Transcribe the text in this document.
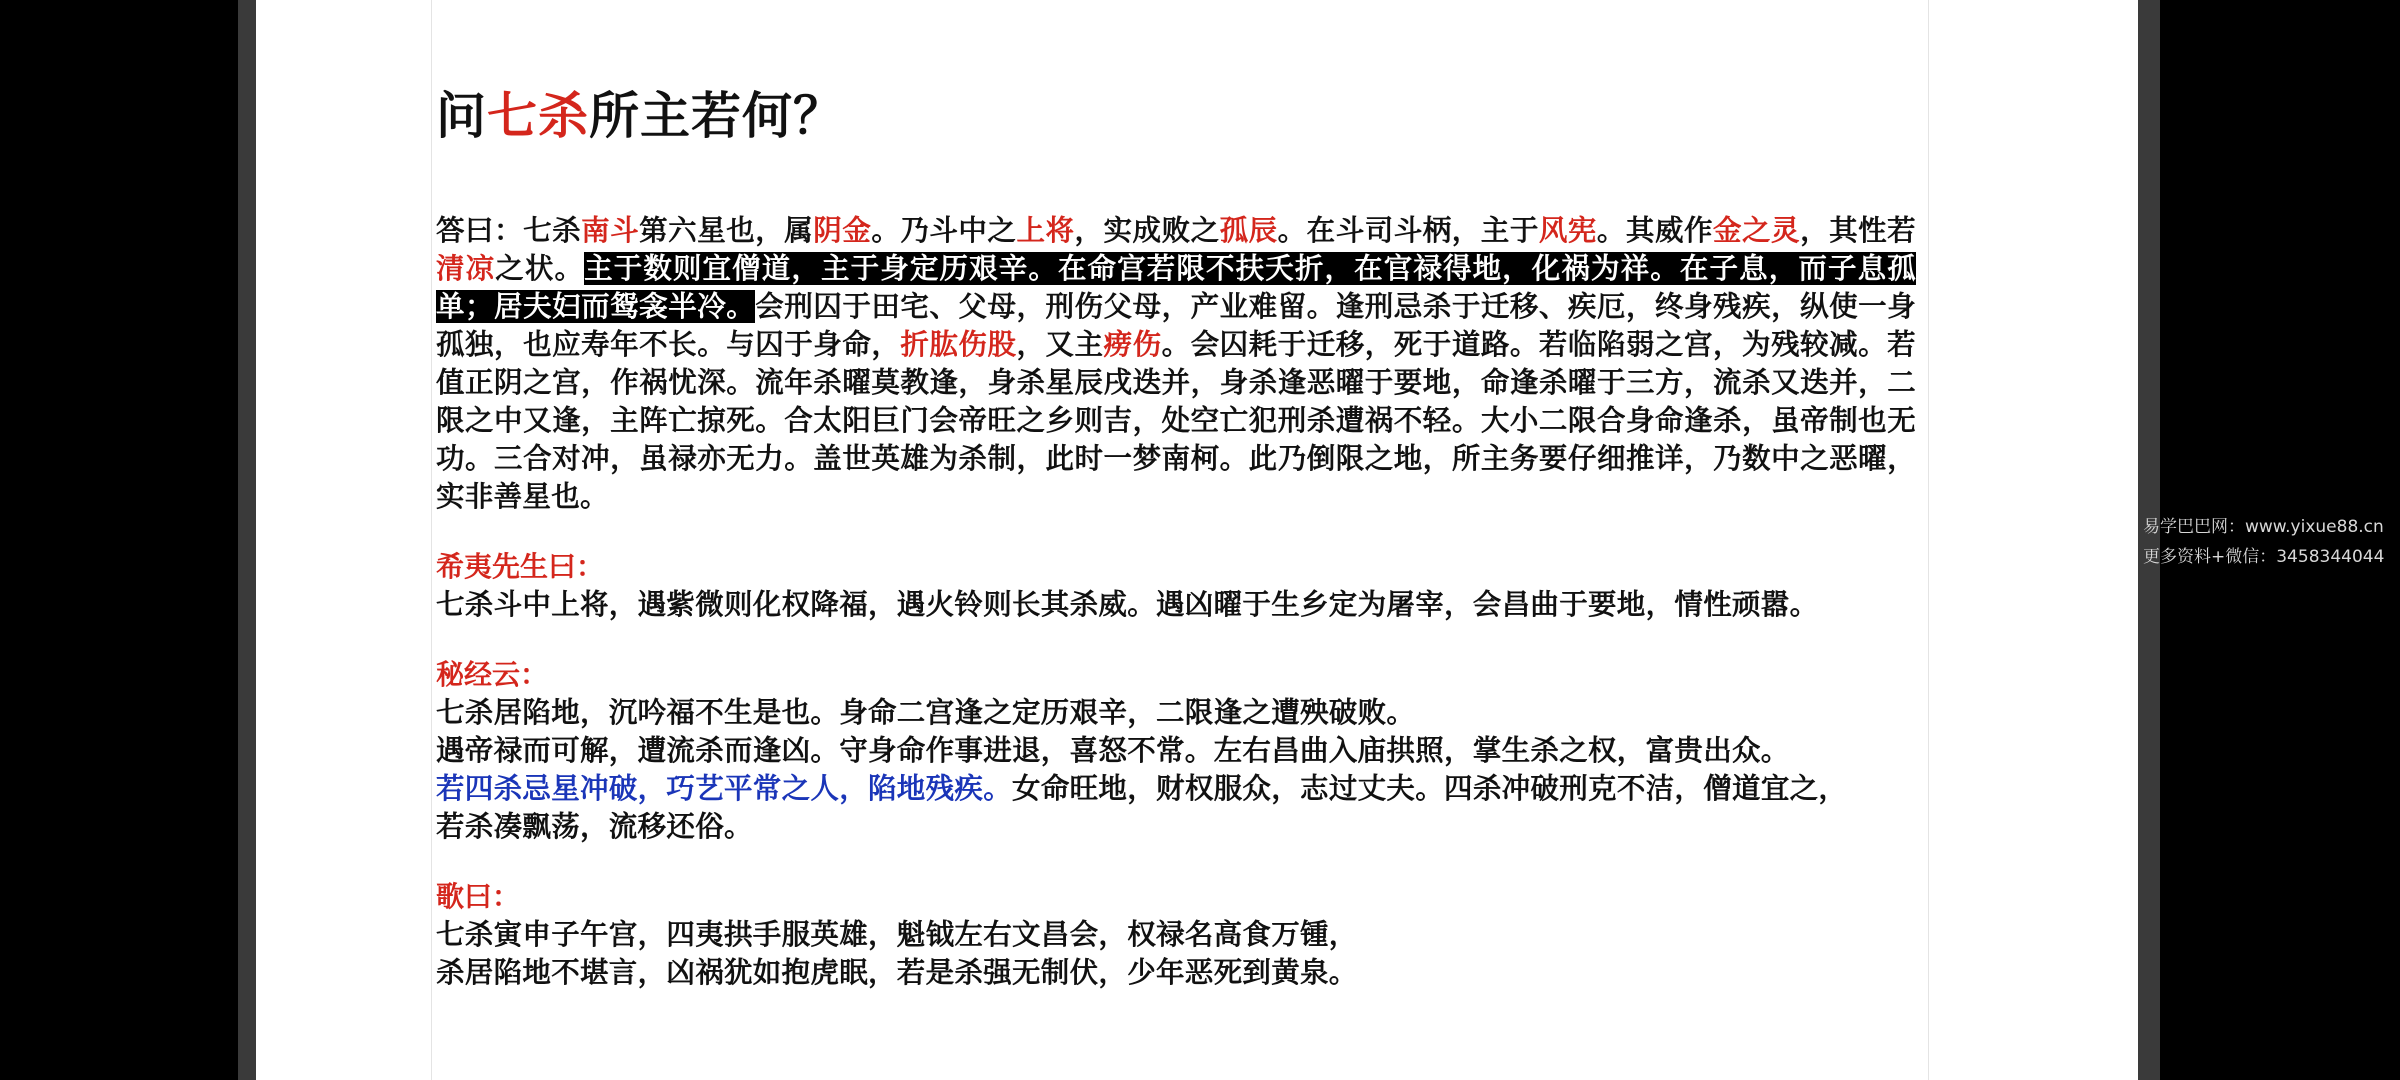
问七杀所主若何？
答曰：七杀南斗第六星也，属阴金。乃斗中之上将，实成败之孤辰。在斗司斗柄，主于风宪。其威作金之灵，其性若清凉之状。主于数则宜僧道，主于身定历艰辛。在命宫若限不扶夭折，在官禄得地，化祸为祥。在子息，而子息孤单；居夫妇而鸳衾半冷。会刑囚于田宅、父母，刑伤父母，产业难留。逢刑忌杀于迁移、疾厄，终身残疾，纵使一身孤独，也应寿年不长。与囚于身命，折肱伤股，又主痨伤。会囚耗于迁移，死于道路。若临陷弱之宫，为残较减。若值正阴之宫，作祸忧深。流年杀曜莫教逢，身杀星辰戌迭并，身杀逢恶曜于要地，命逢杀曜于三方，流杀又迭并，二限之中又逢，主阵亡掠死。合太阳巨门会帝旺之乡则吉，处空亡犯刑杀遭祸不轻。大小二限合身命逢杀，虽帝制也无功。三合对冲，虽禄亦无力。盖世英雄为杀制，此时一梦南柯。此乃倒限之地，所主务要仔细推详，乃数中之恶曜，实非善星也。
希夷先生曰：
七杀斗中上将，遇紫微则化权降福，遇火铃则长其杀威。遇凶曜于生乡定为屠宰，会昌曲于要地，情性顽嚣。
秘经云：
七杀居陷地，沉吟福不生是也。身命二宫逢之定历艰辛，二限逢之遭殃破败。
遇帝禄而可解，遭流杀而逢凶。守身命作事进退，喜怒不常。左右昌曲入庙拱照，掌生杀之权，富贵出众。
若四杀忌星冲破，巧艺平常之人，陷地残疾。女命旺地，财权服众，志过丈夫。四杀冲破刑克不洁，僧道宜之，
若杀凑飘荡，流移还俗。
歌曰：
七杀寅申子午宫，四夷拱手服英雄，魁钺左右文昌会，权禄名高食万锺，
杀居陷地不堪言，凶祸犹如抱虎眠，若是杀强无制伏，少年恶死到黄泉。
易学巴巴网：www.yixue88.cn
更多资料+微信：3458344044
